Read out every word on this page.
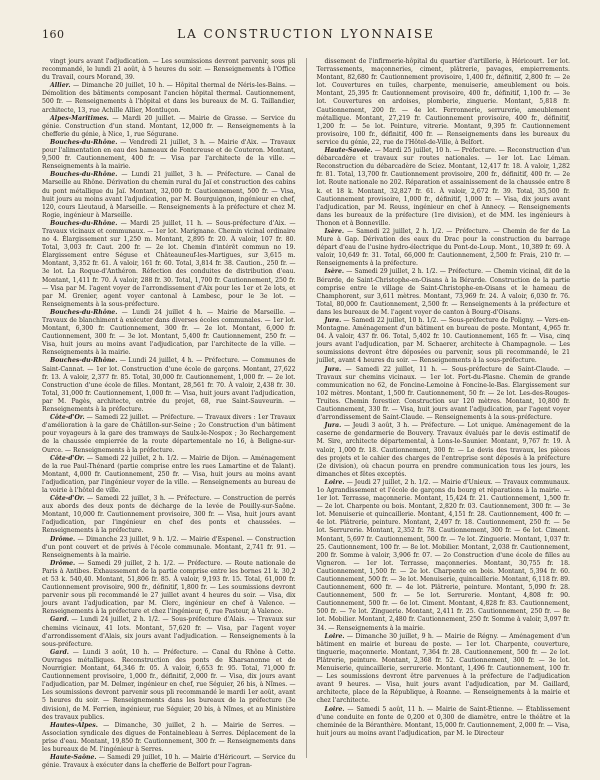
160	LA CONSTRUCTION LYONNAISE

vingt jours avant l'adjudication. — Les soumissions devront parvenir, sous pli recommandé, le lundi 21 août, à 5 heures du soir. — Renseignements à l'Office du Travail, cours Morand, 39.

Allier. — Dimanche 20 juillet, 10 h. — Hôpital thermal de Néris-les-Bains. — Démolition des bâtiments composant l'ancien hôpital thermal. Cautionnement, 500 fr. — Renseignements à l'hôpital et dans les bureaux de M. G. Taillandier, architecte, 13, rue Achille Allier, Montluçon.

Alpes-Maritimes. — Mardi 20 juillet. — Mairie de Grasse. — Service du génie. Construction d'un stand. Montant, 12,000 fr. — Renseignements à la chefferie du génie, à Nice, 1, rue Ségurane.

Bouches-du-Rhône. — Vendredi 21 juillet, 3 h. — Mairie d'Aix. — Travaux pour l'alimentation en eau des hameaux de Fontcreuse et de Couteron. Montant, 9,500 fr. Cautionnement, 400 fr. — Visa par l'architecte de la ville. — Renseignements à la mairie.

Bouches-du-Rhône. — Lundi 21 juillet, 3 h. — Préfecture. — Canal de Marseille au Rhône. Dérivation du chemin rural du Jaï et construction des cabins du pont métallique du Jaï. Montant, 32,000 fr. Cautionnement, 500 fr. — Visa, huit jours au moins avant l'adjudication, par M. Bourguignon, ingénieur en chef, 120, cours Lieutaud, à Marseille. — Renseignements à la préfecture et chez M. Rogie, ingénieur à Marseille.

Bouches-du-Rhône. — Mardi 25 juillet, 11 h. — Sous-préfecture d'Aix. — Travaux vicinaux et communaux. — 1er lot. Marignane. Chemin vicinal ordinaire no 4. Élargissement sur 1,250 m. Montant, 2,895 fr. 20. À valoir, 107 fr. 80. Total, 3,003 fr. Caut. 200 fr. — 2e lot. Chemin d'intérêt commun no 19. Élargissement entre Séguse et Châteauneuf-les-Martigues, sur 3,615 m. Montant, 3,352 fr. 61. À valoir, 161 fr. 60. Total, 3,814 fr. 38. Caution., 250 fr. — 3e lot. La Roque-d'Anthéron. Réfection des conduites de distribution d'eau. Montant, 1,411 fr. 70. À valoir, 288 fr. 30. Total, 1,700 fr. Cautionnement, 250 fr. — Visa par M. l'agent voyer de l'arrondissement d'Aix pour les 1er et 2e lots, et par M. Grenier, agent voyer cantonal à Lambesc, pour le 3e lot. — Renseignements à la sous-préfecture.

Bouches-du-Rhône. — Lundi 24 juillet 4 h. — Mairie de Marseille. — Travaux de blanchiment à exécuter dans diverses écoles communales. — 1er lot. Montant, 6,300 fr. Cautionnement, 300 fr. — 2e lot. Montant, 6,000 fr. Cautionnement, 300 fr. — 3e lot. Montant, 5,400 fr. Cautionnement, 250 fr. — Visa, huit jours au moins avant l'adjudication, par l'architecte de la ville. — Renseignements à la mairie.

Bouches-du-Rhône. — Lundi 24 juillet, 4 h. — Préfecture. — Communes de Saint-Cannat. — 1er lot. Construction d'une école de garçons. Montant, 27,622 fr. 13. À valoir, 2,377 fr. 85. Total, 30,000 fr. Cautionnement, 1,000 fr. — 2e lot. Construction d'une école de filles. Montant, 28,561 fr. 70. À valoir, 2,438 fr. 30. Total, 31,000 fr. Cautionnement, 1,000 fr. — Visa, huit jours avant l'adjudication, par M. Pagès, architecte, entrée du projet, 68, rue Saint-Sauveurin. — Renseignements à la préfecture.

Côte-d'Or. — Samedi 22 juillet. — Préfecture. — Travaux divers : 1er Travaux d'amélioration à la gare de Châtillon-sur-Seine ; 2o Construction d'un bâtiment pour voyageurs à la gare des tramways de Saulx-le-Nospox ; 3o Rechargement de la chaussée empierrée de la route départementale no 16, à Beligne-sur-Ource. — Renseignements à la préfecture.

Côte-d'Or. — Samedi 22 juillet, 2 h. 1/2. — Mairie de Dijon. — Aménagement de la rue Paul-Thénard (partie comprise entre les rues Lamartine et de Talant). Montant, 4,000 fr. Cautionnement, 250 fr. — Visa, huit jours au moins avant l'adjudication, par l'ingénieur voyer de la ville. — Renseignements au bureau de la voirie à l'hôtel de ville.

Côte-d'Or. — Samedi 22 juillet, 3 h. — Préfecture. — Construction de perrés aux abords des deux ponts de décharge de la levée de Pouilly-sur-Saône. Montant, 10,000 fr. Cautionnement provisoire, 300 fr. — Visa, huit jours avant l'adjudication, par l'ingénieur en chef des ponts et chaussées. — Renseignements à la préfecture.

Drôme. — Dimanche 23 juillet, 9 h. 1/2. — Mairie d'Espenel. — Construction d'un pont couvert et de privés à l'école communale. Montant, 2,741 fr. 91. — Renseignements à la mairie.

Drôme. — Samedi 29 juillet, 2 h. 1/2. — Préfecture. — Route nationale de Paris à Antibes. Exhaussement de la partie comprise entre les bornes 21 k. 30,2 et 53 k. 540,40. Montant, 51,806 fr. 85. À valoir, 9,193 fr. 15. Total, 61,000 fr. Cautionnement provisoire, 900 fr., définitif, 1,800 fr. — Les soumissions devront parvenir sous pli recommandé le 27 juillet avant 4 heures du soir. — Visa, dix jours avant l'adjudication, par M. Clerc, ingénieur en chef à Valence. — Renseignements à la préfecture et chez l'ingénieur, 6, rue Pasteur, à Valence.

Gard. — Lundi 24 juillet, 2 h. 1/2. — Sous-préfecture d'Alais. — Travaux sur chemins vicinaux, 41 lots. Montant, 57,620 fr. — Visa, par l'agent voyer d'arrondissement d'Alais, six jours avant l'adjudication. — Renseignements à la sous-préfecture.

Gard. — Lundi 3 août, 10 h. — Préfecture. — Canal du Rhône à Cette. Ouvrages métalliques. Reconstruction des ponts de Kharsanonne et de Nourrigier. Montant, 64,346 fr. 05. À valoir, 6,653 fr. 95. Total, 71,000 fr. Cautionnement provisoire, 1,000 fr., définitif, 2,000 fr. — Visa, dix jours avant l'adjudication, par M. Delmer, ingénieur en chef, rue Séguier, 26 bis, à Nîmes. — Les soumissions devront parvenir sous pli recommandé le mardi 1er août, avant 5 heures du soir. — Renseignements dans les bureaux de la préfecture (3e division), de M. Ferrien, ingénieur, rue Séguier, 20 bis, à Nîmes, et au Ministère des travaux publics.

Hautes-Alpes. — Dimanche, 30 juillet, 2 h. — Mairie de Serres. — Association syndicale des digues de Fontainebleau à Serres. Déplacement de la prise d'eau. Montant, 19,850 fr. Cautionnement, 300 fr. — Renseignements dans les bureaux de M. l'ingénieur à Serres.

Haute-Saône. — Samedi 29 juillet, 10 h. — Mairie d'Héricourt. — Service du génie. Travaux à exécuter dans la chefferie de Belfort pour l'agran-

dissement de l'infirmerie-hôpital du quartier d'artillerie, à Héricourt. 1er lot. Terrassements, maçonneries, ciment, plâtrerie, pavages, empierrements. Montant, 82,680 fr. Cautionnement provisoire, 1,400 fr., définitif, 2,800 fr. — 2e lot. Couvertures en tuiles, charpente, menuiserie, ameublement ou bois. Montant, 25,395 fr. Cautionnement provisoire, 400 fr., définitif, 1,100 fr. — 3e lot. Couvertures en ardoises, plomberie, zinguerie. Montant, 5,818 fr. Cautionnement, 200 fr. — 4e lot. Ferronnerie, serrurerie, ameublement métallique. Montant, 27,219 fr. Cautionnement provisoire, 400 fr., définitif, 1,200 fr. — 5e lot. Peinture, vitrerie. Montant, 9,395 fr. Cautionnement provisoire, 100 fr., définitif, 400 fr. — Renseignements dans les bureaux du service du génie, 22, rue de l'Hôtel-de-Ville, à Belfort.

Haute-Savoie. — Mardi 25 juillet, 10 h. — Préfecture. — Reconstruction d'un débarcadère et travaux sur routes nationales. — 1er lot. Lac Léman. Reconstruction du débarcadère de Sciez. Montant, 12,417 fr. 18. À valoir, 1,282 fr. 81. Total, 13,700 fr. Cautionnement provisoire, 200 fr., définitif, 400 fr. — 2e lot. Route nationale no 202. Réparation et assainissement de la chaussée entre 8 k. et 18 k. Montant, 32,827 fr. 61. À valoir, 2,672 fr. 39. Total, 35,500 fr. Cautionnement provisoire, 1,000 fr., définitif, 1,000 fr. — Visa, dix jours avant l'adjudication, par M. Reuss, ingénieur en chef à Annecy. — Renseignements dans les bureaux de la préfecture (1re division), et de MM. les ingénieurs à Thonon et à Bonneville.

Isère. — Samedi 22 juillet, 2 h. 1/2. — Préfecture. — Chemin de fer de La Mure à Gap. Dérivation des eaux du Drac pour la construction du barrage départ d'eau de l'usine hydro-électrique du Pont-de-Loup. Mont., 10,389 fr. 69. À valoir, 10,649 fr. 31. Total, 66,000 fr. Cautionnement, 2,500 fr. Frais, 210 fr. — Renseignements à la préfecture.

Isère. — Samedi 29 juillet, 2 h. 1/2. — Préfecture. — Chemin vicinal, dit de la Bérarde, de Saint-Christophe-en-Oisans à la Bérarde. Construction de la partie comprise entre le village de Saint-Christophe-en-Oisans et le hameau de Champhorent, sur 3,611 mètres. Montant, 73,969 fr. 24. À valoir, 6,030 fr. 76. Total, 80,000 fr. Cautionnement, 2,500 fr. — Renseignements à la préfecture et dans les bureaux de M. l'agent voyer de canton à Bourg-d'Oisans.

Jura. — Samedi 22 juillet, 10 h. 1/2. — Sous-préfecture de Poligny. — Vers-en-Montagne. Aménagement d'un bâtiment en bureau de poste. Montant, 4,965 fr. 04. À valoir, 437 fr. 06. Total, 5,402 fr. 10. Cautionnement, 165 fr. — Visa, cinq jours avant l'adjudication, par M. Schaerer, architecte à Champagnole. — Les soumissions devront être déposées ou parvenir, sous pli recommandé, le 21 juillet, avant 4 heures du soir. — Renseignements à la sous-préfecture.

Jura. — Samedi 22 juillet, 11 h. — Sous-préfecture de Saint-Claude. — Travaux sur chemins vicinaux. — 1er lot. Fort-du-Plasne. Chemin de grande communication no 62, de Foncine-Lemoine à Foncine-le-Bas. Élargissement sur 102 mètres. Montant, 1,500 fr. Cautionnement, 50 fr. — 2e lot. Les-des-Rouges-Truites. Chemin forestier. Construction sur 120 mètres. Montant, 10,800 fr. Cautionnement, 330 fr. — Visa, huit jours avant l'adjudication, par l'agent voyer d'arrondissement de Saint-Claude. — Renseignements à la sous-préfecture.

Jura. — Jeudi 3 août, 3 h. — Préfecture. — Lot unique. Aménagement de la caserne de gendarmerie de Bouvery. Travaux évalués par le devis estimatif de M. Sire, architecte départemental, à Lons-le-Saunier. Montant, 9,767 fr. 19. À valoir, 1,000 fr. 18. Cautionnement, 300 fr. — Le devis des travaux, les pièces des projets et le cahier des charges de l'entreprise sont déposés à la préfecture (2e division), où chacun pourra en prendre communication tous les jours, les dimanches et fêtes exceptés.

Loire. — Jeudi 27 juillet, 2 h. 1/2. — Mairie d'Unieux. — Travaux communaux. 1o Agrandissement et l'école de garçons du bourg et réparations à la mairie. — 1er lot. Terrasse, maçonnerie. Montant, 15,424 fr. 21. Cautionnement, 1,500 fr. — 2e lot. Charpente ou bois. Montant, 2,820 fr. 03. Cautionnement, 300 fr. — 3e lot. Menuiserie et quincaillerie. Montant, 4,151 fr. 28. Cautionnement, 400 fr. — 4e lot. Plâtrerie, peinture. Montant, 2,497 fr. 18. Cautionnement, 250 fr. — 5e lot. Serrurerie. Montant, 2,352 fr. 78. Cautionnement, 300 fr. — 6e lot. Ciment. Montant, 5,697 fr. Cautionnement, 500 fr. — 7e lot. Zinguerie. Montant, 1,037 fr. 25. Cautionnement, 100 fr. — 8e lot. Mobilier. Montant, 2,038 fr. Cautionnement, 200 fr. Somme à valoir, 3,906 fr. 07. — 2o Construction d'une école de filles au Vigneron. — 1er lot. Terrasse, maçonneries. Montant, 30,755 fr. 18. Cautionnement, 1,500 fr. — 2e lot. Charpente en bois. Montant, 5,394 fr. 60. Cautionnement, 500 fr. — 3e lot. Menuiserie, quincaillerie. Montant, 6,118 fr. 89. Cautionnement, 600 fr. — 4e lot. Plâtrerie, peinture. Montant, 5,090 fr. 28. Cautionnement, 500 fr. — 5e lot. Serrurerie. Montant, 4,808 fr. 90. Cautionnement, 500 fr. — 6e lot. Ciment. Montant, 4,828 fr. 83. Cautionnement, 500 fr. — 7e lot. Zinguerie. Montant, 2,411 fr. 25. Cautionnement, 250 fr. — 8e lot. Mobilier. Montant, 2,480 fr. Cautionnement, 250 fr. Somme à valoir, 3,097 fr. 34. — Renseignements à la mairie.

Loire. — Dimanche 30 juillet, 9 h. — Mairie de Régny. — Aménagement d'un bâtiment en mairie et bureau de poste. — 1er lot. Charpente, couverture, tinguerie, maçonnerie. Montant, 7,364 fr. 28. Cautionnement, 500 fr. — 2e lot. Plâtrerie, peinture. Montant, 2,368 fr. 52. Cautionnement, 300 fr. — 3e lot. Menuiserie, quincaillerie, serrurerie. Montant, 1,496 fr. Cautionnement, 100 fr. — Les soumissions devront être parvenues à la préfecture de l'adjudication avant 9 heures. — Visa, huit jours avant l'adjudication, par M. Gaillard, architecte, place de la République, à Roanne. — Renseignements à la mairie et chez l'architecte.

Loire. — Samedi 5 août, 11 h. — Mairie de Saint-Étienne. — Établissement d'une conduite en fonte de 0,200 et 0,300 de diamètre, entre le théâtre et la cheminée de la Béranthère. Montant, 15,000 fr. Cautionnement, 2,000 fr. — Visa, huit jours au moins avant l'adjudication, par M. le Directeur
